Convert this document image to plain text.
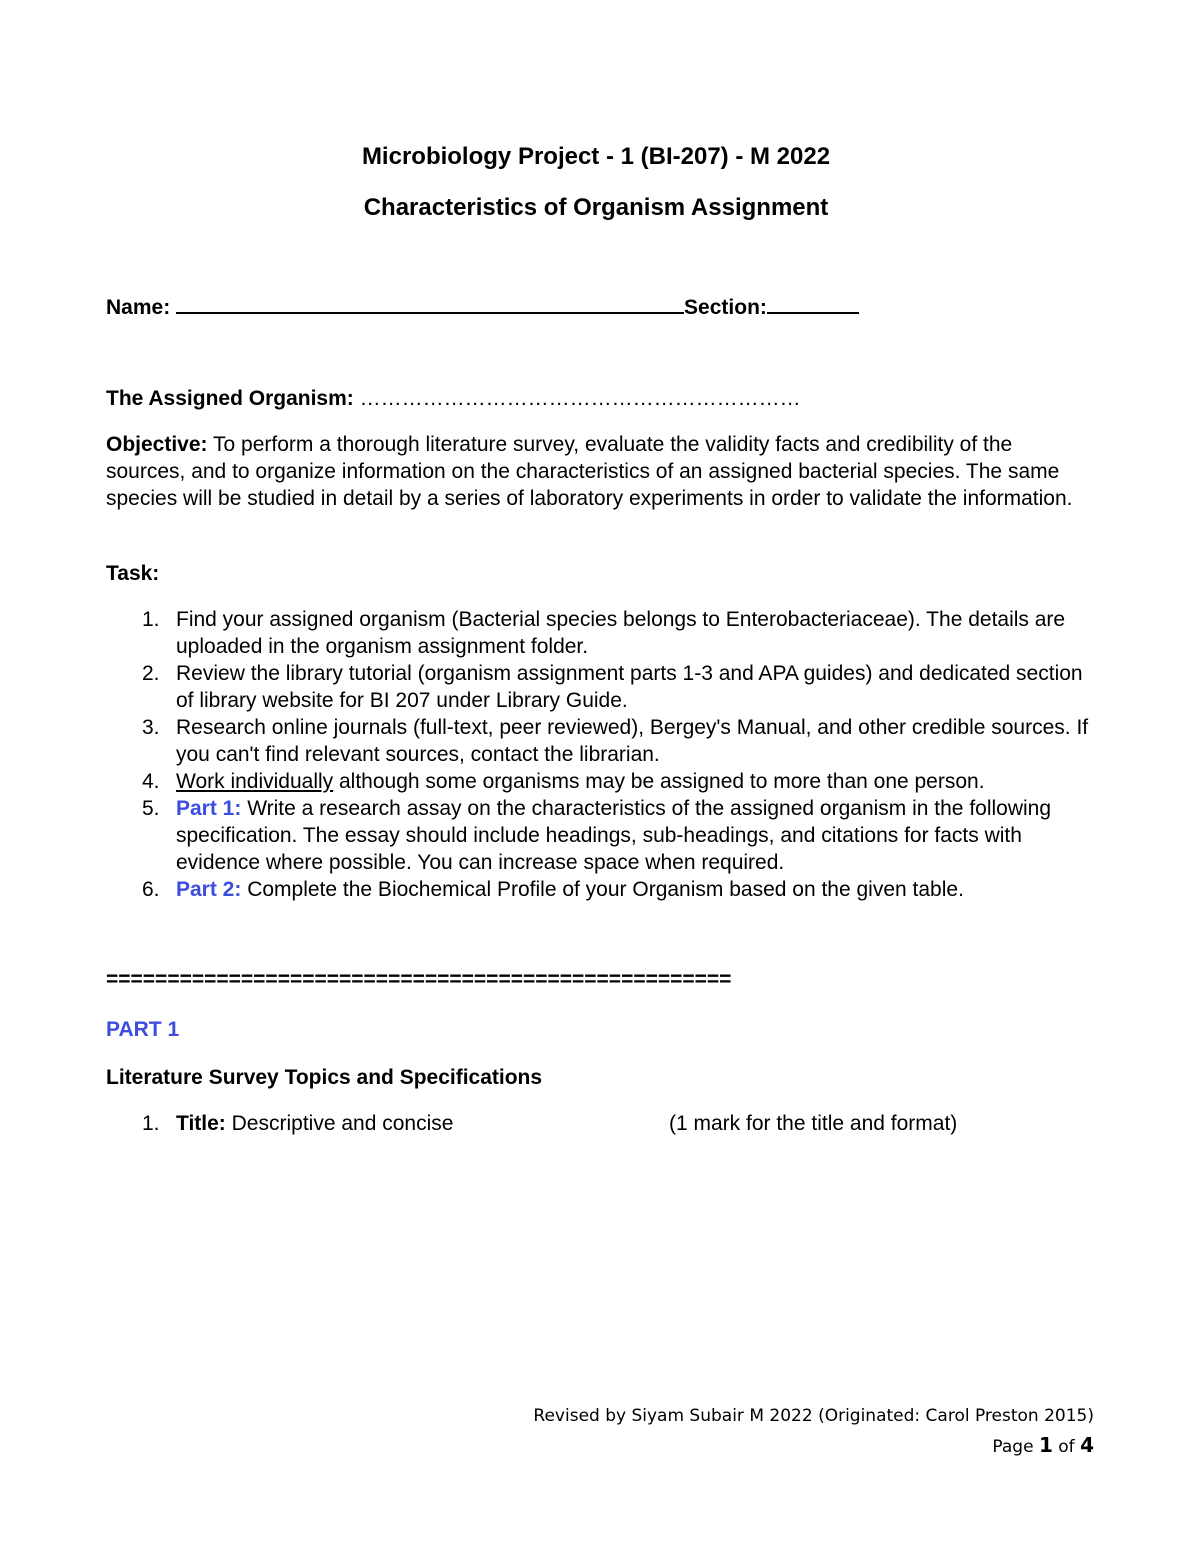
Microbiology Project - 1 (BI-207) - M 2022
Characteristics of Organism Assignment
Name:	Section:
The Assigned Organism: ………………………………………………………
Objective: To perform a thorough literature survey, evaluate the validity facts and credibility of the sources, and to organize information on the characteristics of an assigned bacterial species. The same species will be studied in detail by a series of laboratory experiments in order to validate the information.
Task:
1. Find your assigned organism (Bacterial species belongs to Enterobacteriaceae). The details are uploaded in the organism assignment folder.
2. Review the library tutorial (organism assignment parts 1-3 and APA guides) and dedicated section of library website for BI 207 under Library Guide.
3. Research online journals (full-text, peer reviewed), Bergey's Manual, and other credible sources. If you can't find relevant sources, contact the librarian.
4. Work individually although some organisms may be assigned to more than one person.
5. Part 1: Write a research assay on the characteristics of the assigned organism in the following specification. The essay should include headings, sub-headings, and citations for facts with evidence where possible. You can increase space when required.
6. Part 2: Complete the Biochemical Profile of your Organism based on the given table.
===================================================
PART 1
Literature Survey Topics and Specifications
1. Title: Descriptive and concise	(1 mark for the title and format)
Revised by Siyam Subair M 2022 (Originated: Carol Preston 2015)
Page 1 of 4
